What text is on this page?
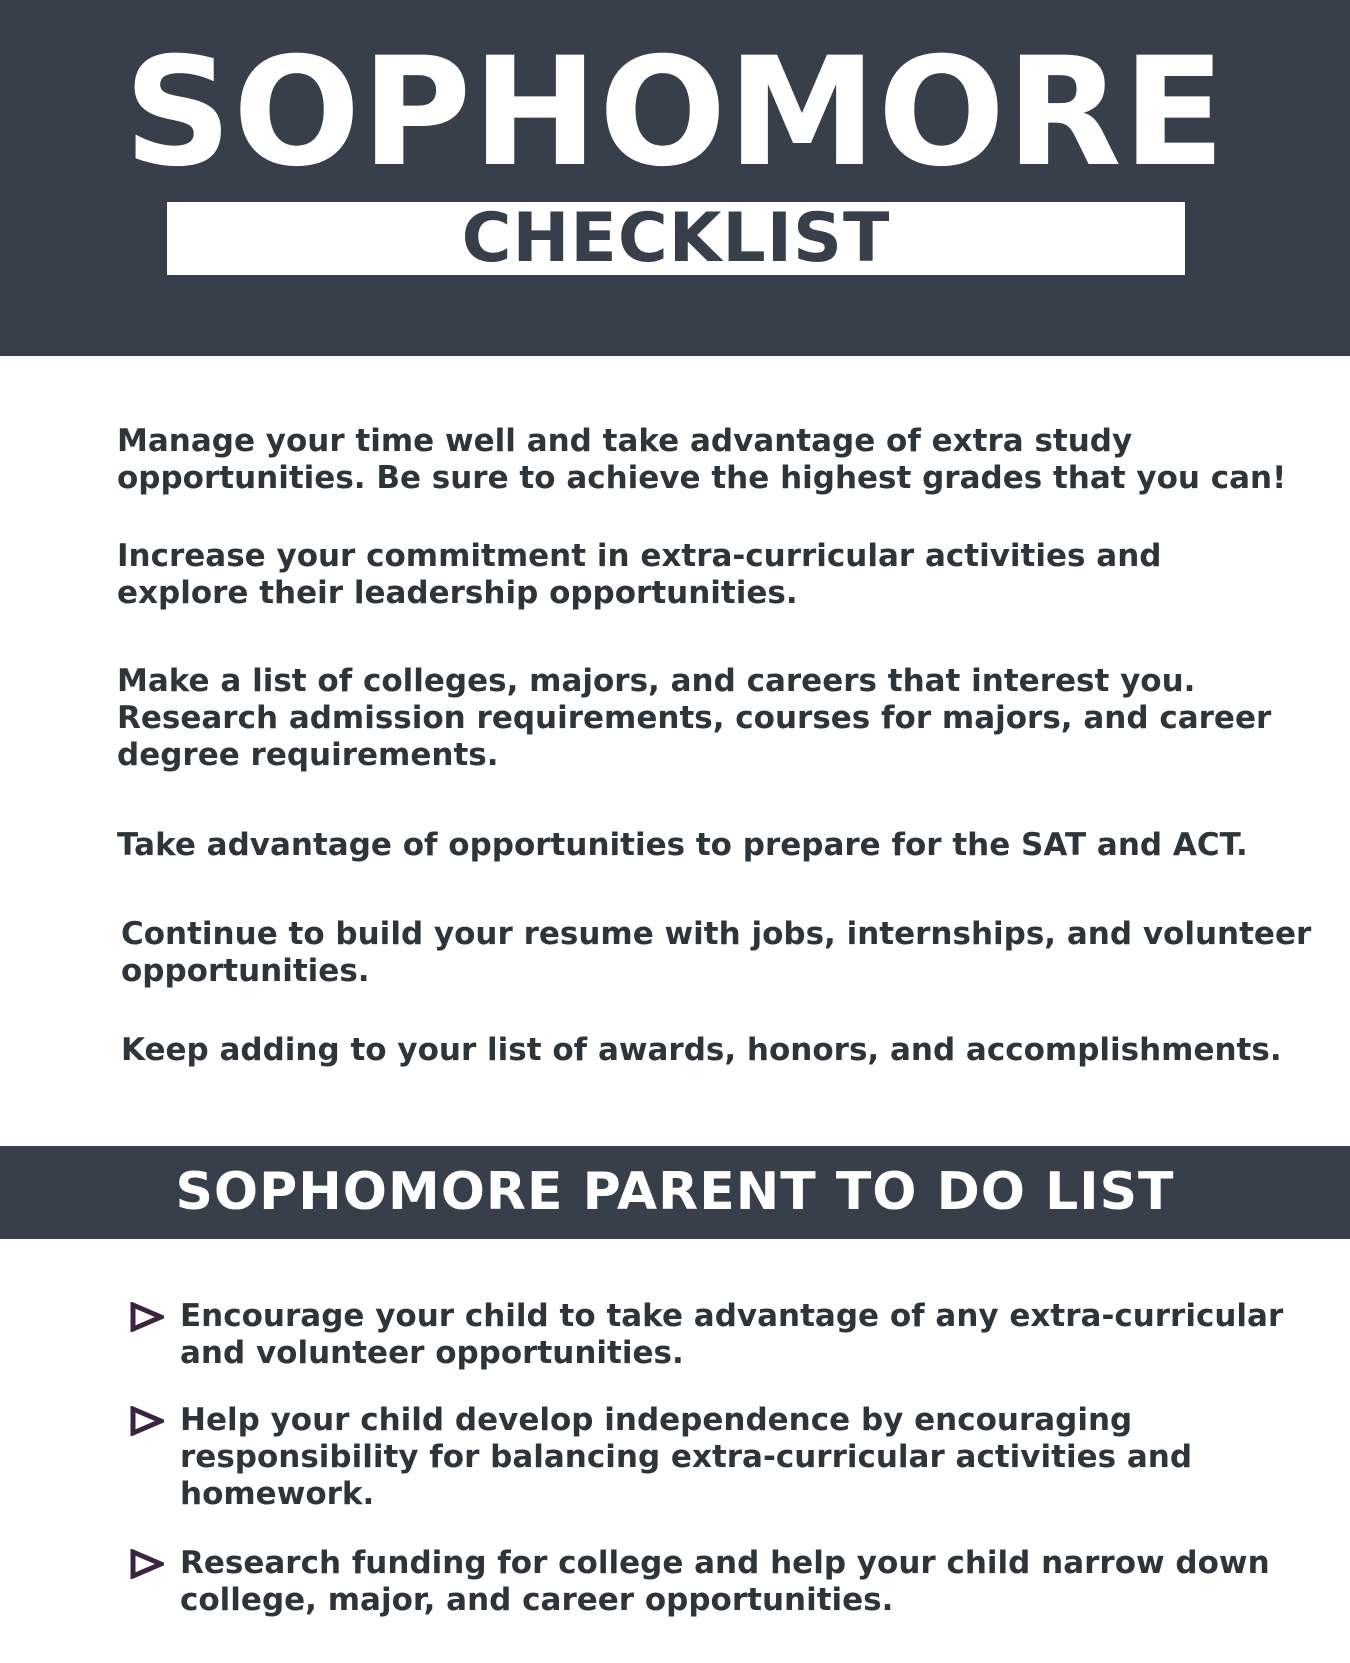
SOPHOMORE
CHECKLIST

Manage your time well and take advantage of extra study
opportunities. Be sure to achieve the highest grades that you can!

Increase your commitment in extra-curricular activities and
explore their leadership opportunities.

Make a list of colleges, majors, and careers that interest you.
Research admission requirements, courses for majors, and career
degree requirements.

Take advantage of opportunities to prepare for the SAT and ACT.

Continue to build your resume with jobs, internships, and volunteer
opportunities.

Keep adding to your list of awards, honors, and accomplishments.

SOPHOMORE PARENT TO DO LIST

Encourage your child to take advantage of any extra-curricular
and volunteer opportunities.

Help your child develop independence by encouraging
responsibility for balancing extra-curricular activities and
homework.

Research funding for college and help your child narrow down
college, major, and career opportunities.
